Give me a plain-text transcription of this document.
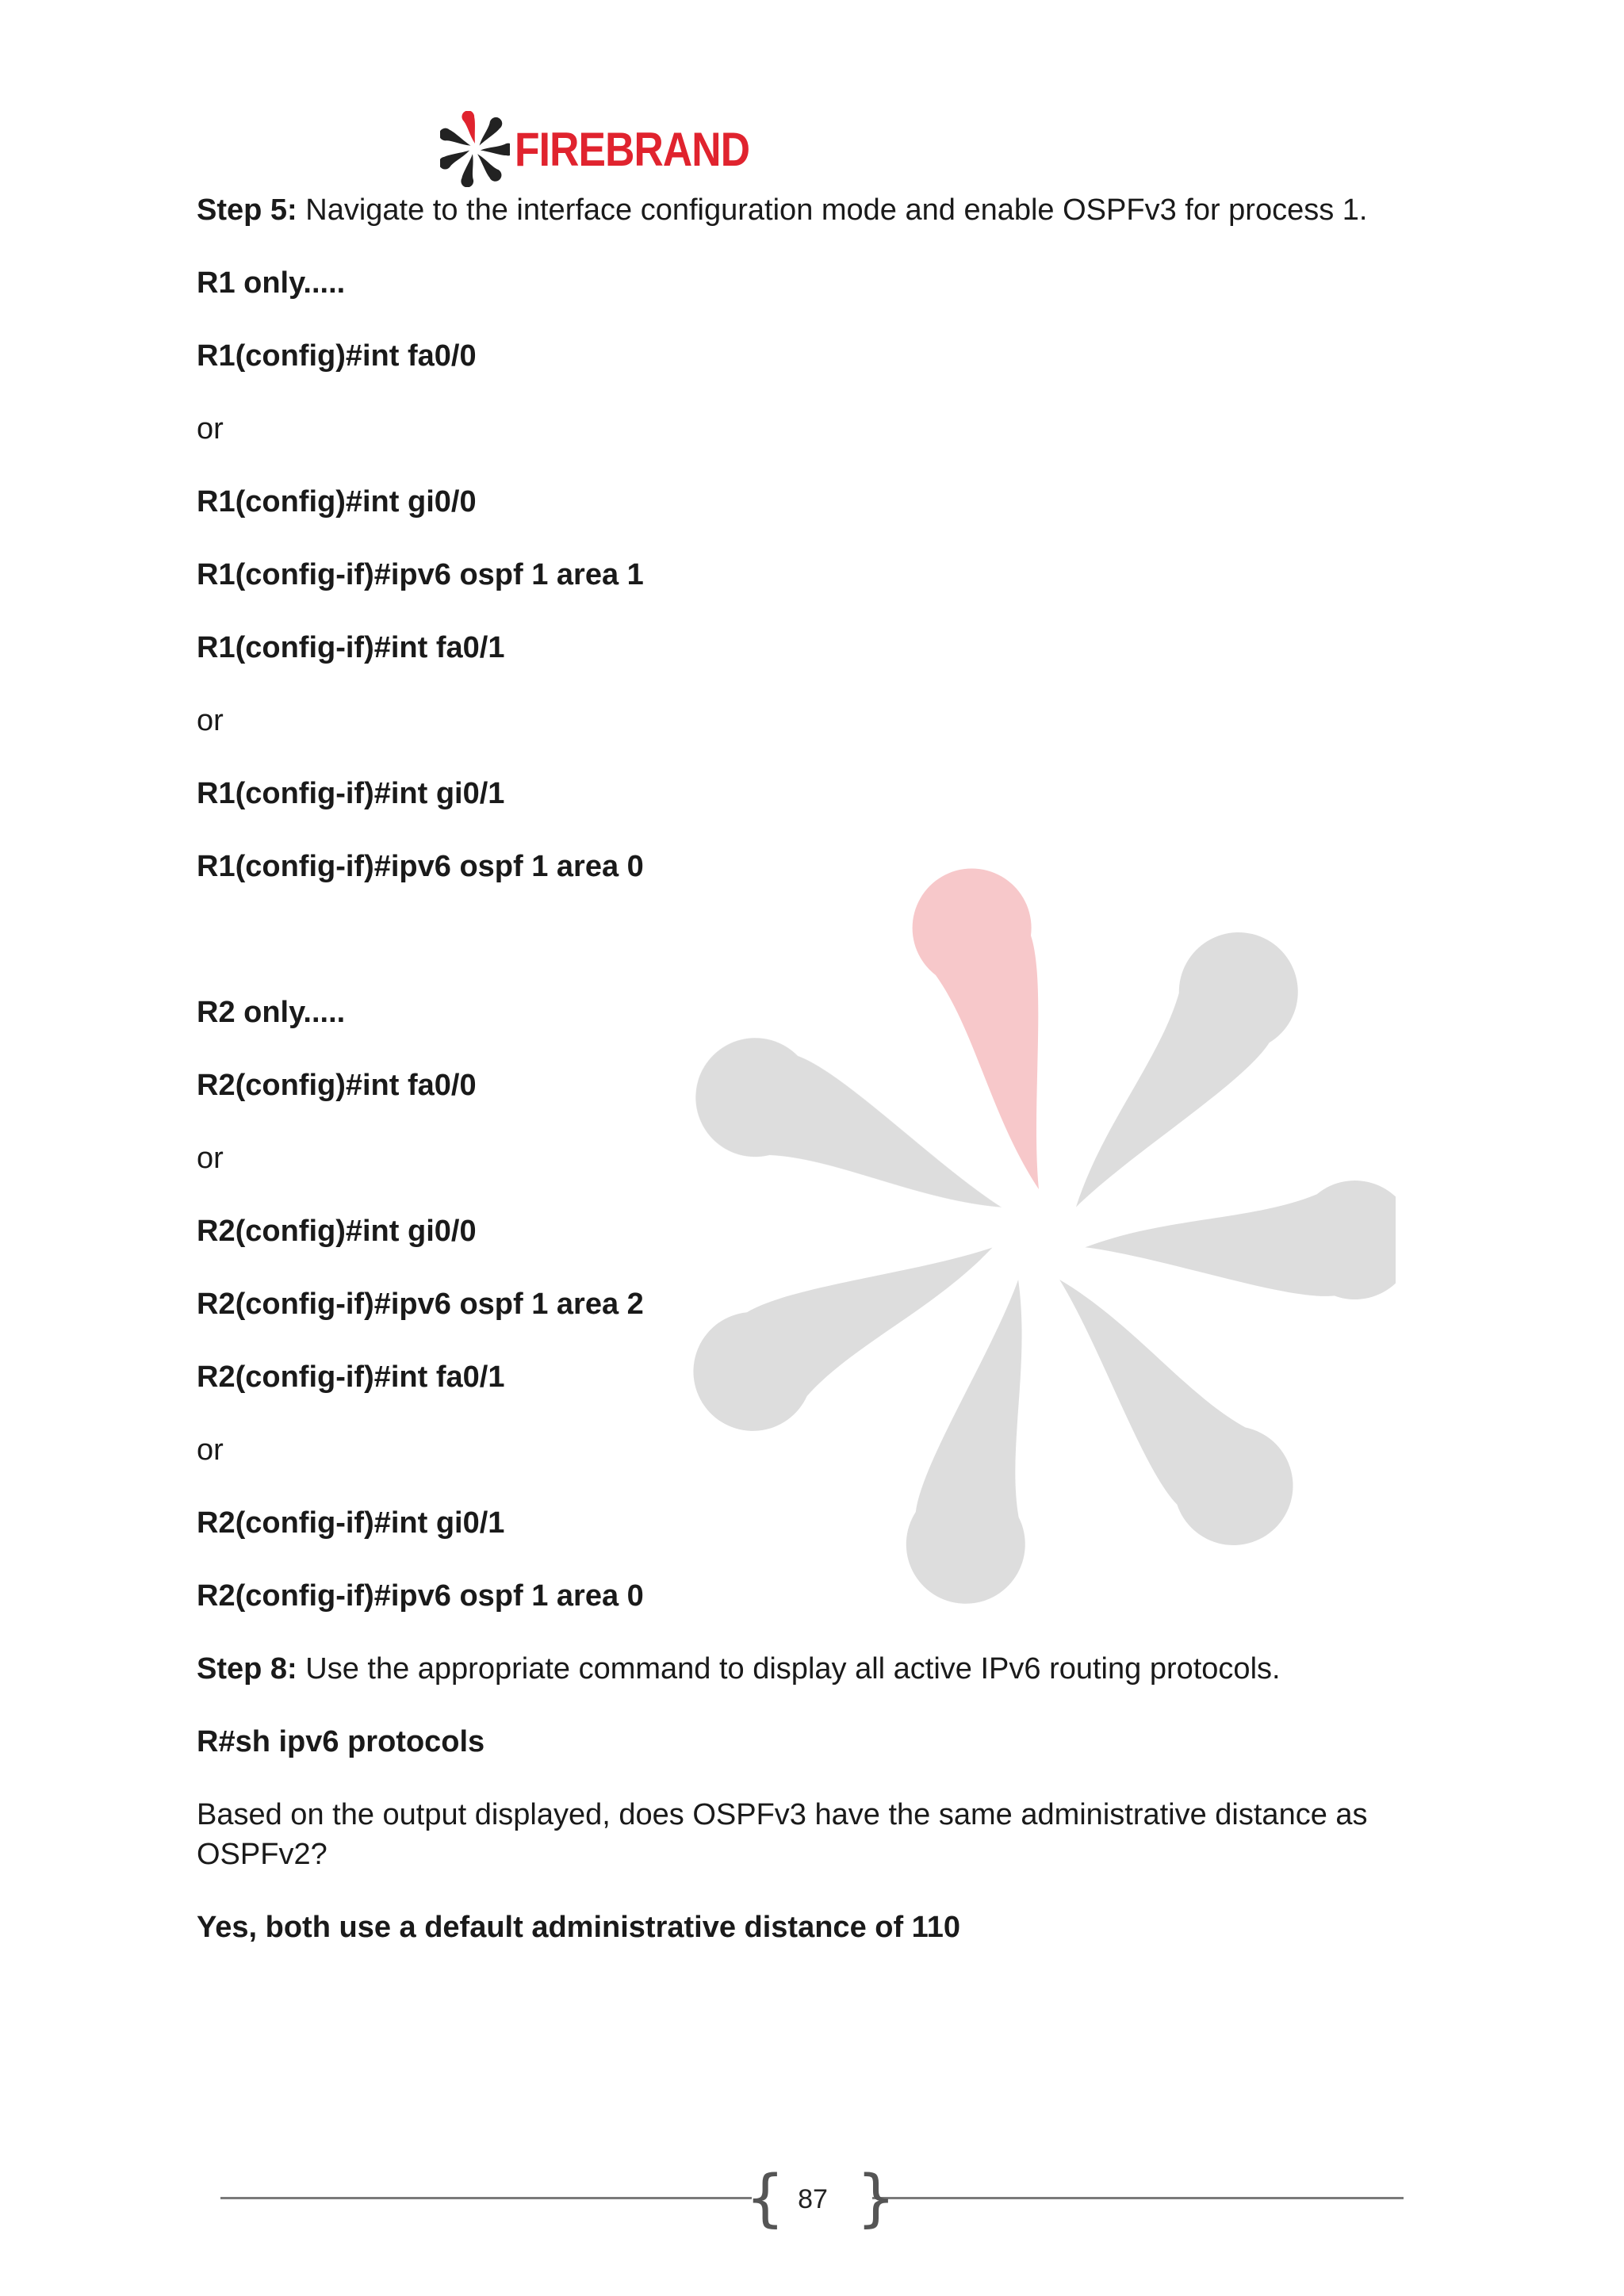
FIREBRAND
Step 5: Navigate to the interface configuration mode and enable OSPFv3 for process 1.
R1 only.....
R1(config)#int fa0/0
or
R1(config)#int gi0/0
R1(config-if)#ipv6 ospf 1 area 1
R1(config-if)#int fa0/1
or
R1(config-if)#int gi0/1
R1(config-if)#ipv6 ospf 1 area 0
R2 only.....
R2(config)#int fa0/0
or
R2(config)#int gi0/0
R2(config-if)#ipv6 ospf 1 area 2
R2(config-if)#int fa0/1
or
R2(config-if)#int gi0/1
R2(config-if)#ipv6 ospf 1 area 0
Step 8: Use the appropriate command to display all active IPv6 routing protocols.
R#sh ipv6 protocols
Based on the output displayed, does OSPFv3 have the same administrative distance as OSPFv2?
Yes, both use a default administrative distance of 110
{ }
87
